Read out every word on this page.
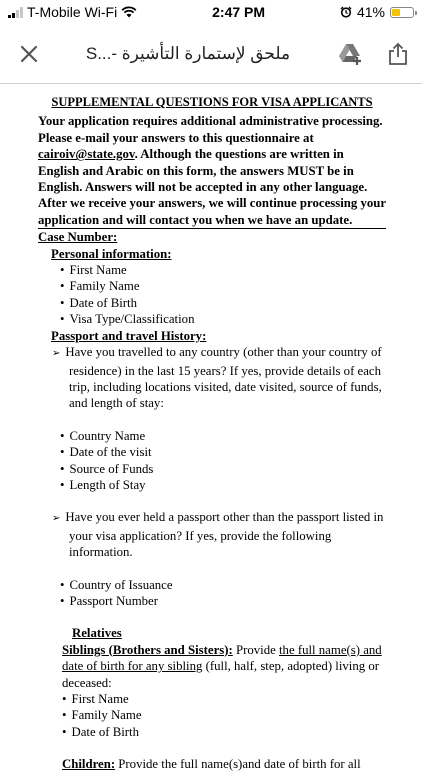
T-Mobile Wi-Fi	2:47 PM	41%
ملحق لإستمارة التأشيرة -...S
SUPPLEMENTAL QUESTIONS FOR VISA APPLICANTS
Your application requires additional administrative processing. Please e-mail your answers to this questionnaire at cairoiv@state.gov. Although the questions are written in English and Arabic on this form, the answers MUST be in English. Answers will not be accepted in any other language. After we receive your answers, we will continue processing your application and will contact you when we have an update.
Case Number:
Personal information:
• First Name
• Family Name
• Date of Birth
• Visa Type/Classification
Passport and travel History:

➢ Have you travelled to any country (other than your country of residence) in the last 15 years? If yes, provide details of each trip, including locations visited, date visited, source of funds, and length of stay:

• Country Name
• Date of the visit
• Source of Funds
• Length of Stay

➢ Have you ever held a passport other than the passport listed in your visa application? If yes, provide the following information.

• Country of Issuance
• Passport Number
Relatives
Siblings (Brothers and Sisters): Provide the full name(s) and date of birth for any sibling (full, half, step, adopted) living or deceased:
• First Name
• Family Name
• Date of Birth
Children: Provide the full name(s)and date of birth for all
